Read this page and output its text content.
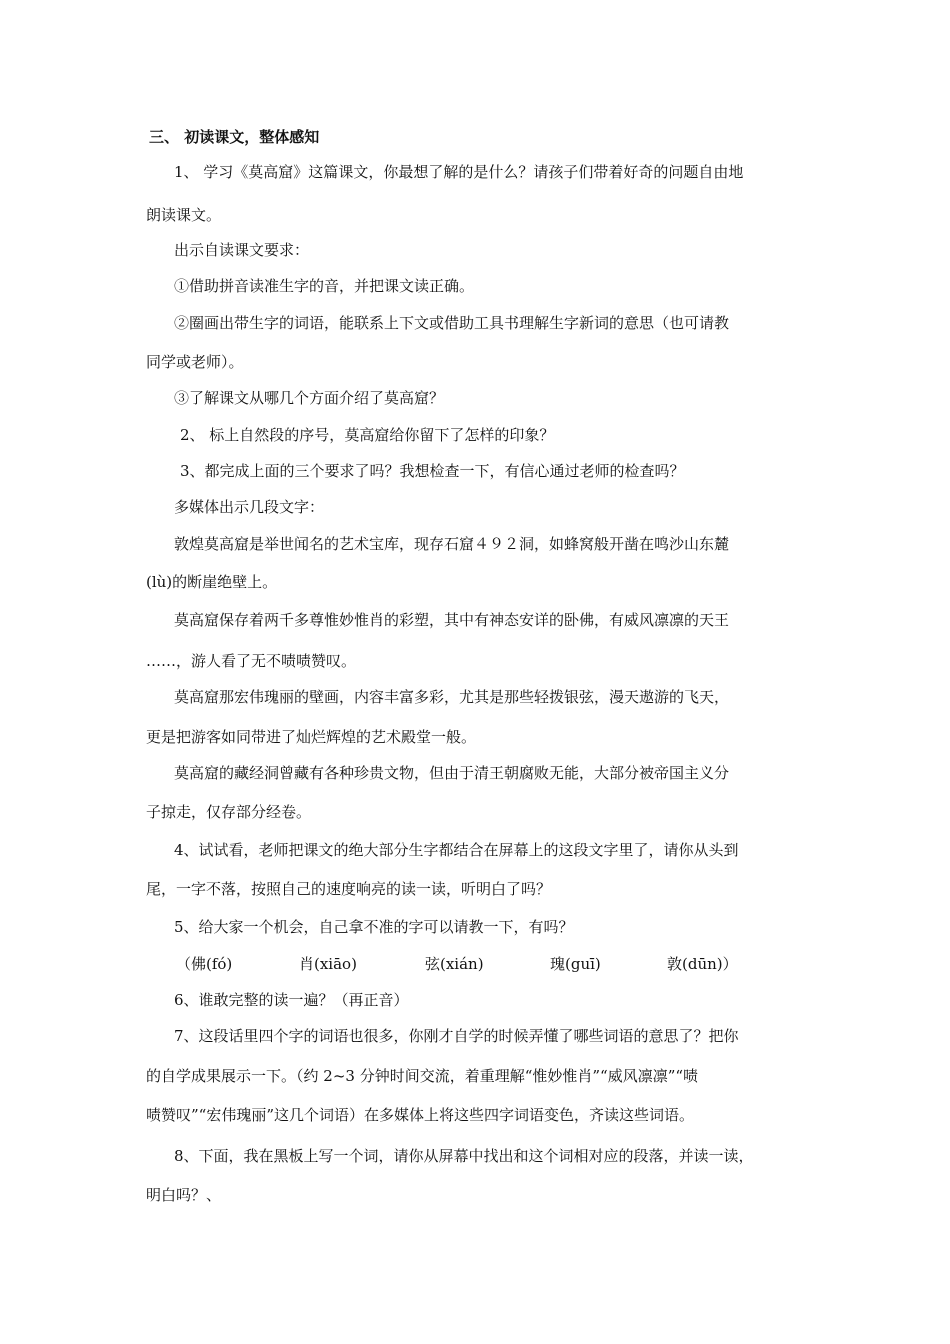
三、 初读课文，整体感知
1、 学习《莫高窟》这篇课文，你最想了解的是什么？请孩子们带着好奇的问题自由地
朗读课文。
出示自读课文要求：
①借助拼音读准生字的音，并把课文读正确。
②圈画出带生字的词语，能联系上下文或借助工具书理解生字新词的意思（也可请教
同学或老师）。
③了解课文从哪几个方面介绍了莫高窟？
2、 标上自然段的序号，莫高窟给你留下了怎样的印象？
3、都完成上面的三个要求了吗？我想检查一下，有信心通过老师的检查吗？
多媒体出示几段文字：
敦煌莫高窟是举世闻名的艺术宝库，现存石窟４９２洞，如蜂窝般开凿在鸣沙山东麓
(lù)的断崖绝壁上。
莫高窟保存着两千多尊惟妙惟肖的彩塑，其中有神态安详的卧佛，有威风凛凛的天王
……，游人看了无不啧啧赞叹。
莫高窟那宏伟瑰丽的壁画，内容丰富多彩，尤其是那些轻拨银弦，漫天遨游的飞天，
更是把游客如同带进了灿烂辉煌的艺术殿堂一般。
莫高窟的藏经洞曾藏有各种珍贵文物，但由于清王朝腐败无能，大部分被帝国主义分
子掠走，仅存部分经卷。
4、试试看，老师把课文的绝大部分生字都结合在屏幕上的这段文字里了，请你从头到
尾，一字不落，按照自己的速度响亮的读一读，听明白了吗？
5、给大家一个机会，自己拿不准的字可以请教一下，有吗？
（佛(fó)	肖(xiāo)	弦(xián)	瑰(guī)	敦(dūn)）
6、谁敢完整的读一遍？（再正音）
7、这段话里四个字的词语也很多，你刚才自学的时候弄懂了哪些词语的意思了？把你
的自学成果展示一下。（约 2~3 分钟时间交流，着重理解“惟妙惟肖”“威风凛凛”“啧
啧赞叹”“宏伟瑰丽”这几个词语）在多媒体上将这些四字词语变色，齐读这些词语。
8、下面，我在黑板上写一个词，请你从屏幕中找出和这个词相对应的段落，并读一读，
明白吗？、
